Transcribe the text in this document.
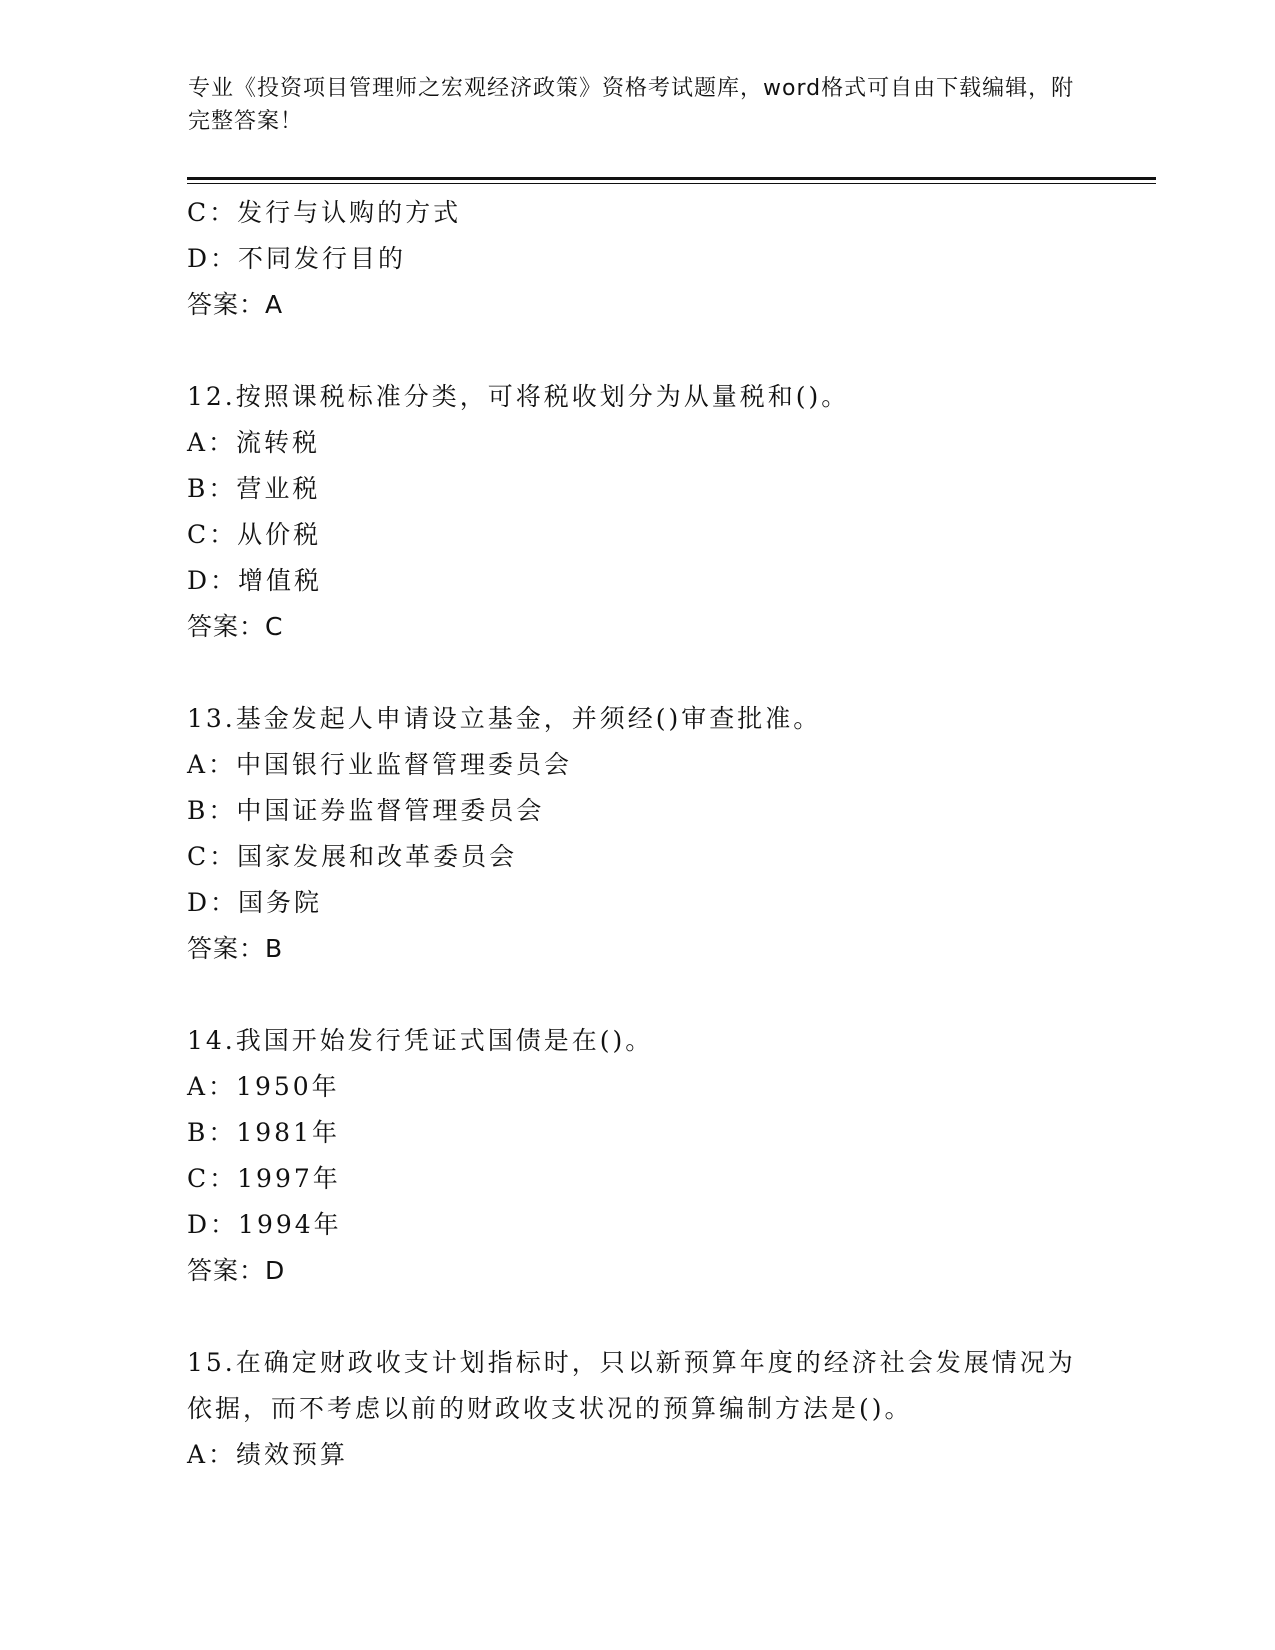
专业《投资项目管理师之宏观经济政策》资格考试题库，word格式可自由下载编辑，附完整答案！
C：发行与认购的方式
D：不同发行目的
答案：A
12.按照课税标准分类，可将税收划分为从量税和()。
A：流转税
B：营业税
C：从价税
D：增值税
答案：C
13.基金发起人申请设立基金，并须经()审查批准。
A：中国银行业监督管理委员会
B：中国证券监督管理委员会
C：国家发展和改革委员会
D：国务院
答案：B
14.我国开始发行凭证式国债是在()。
A：1950年
B：1981年
C：1997年
D：1994年
答案：D
15.在确定财政收支计划指标时，只以新预算年度的经济社会发展情况为依据，而不考虑以前的财政收支状况的预算编制方法是()。
A：绩效预算
